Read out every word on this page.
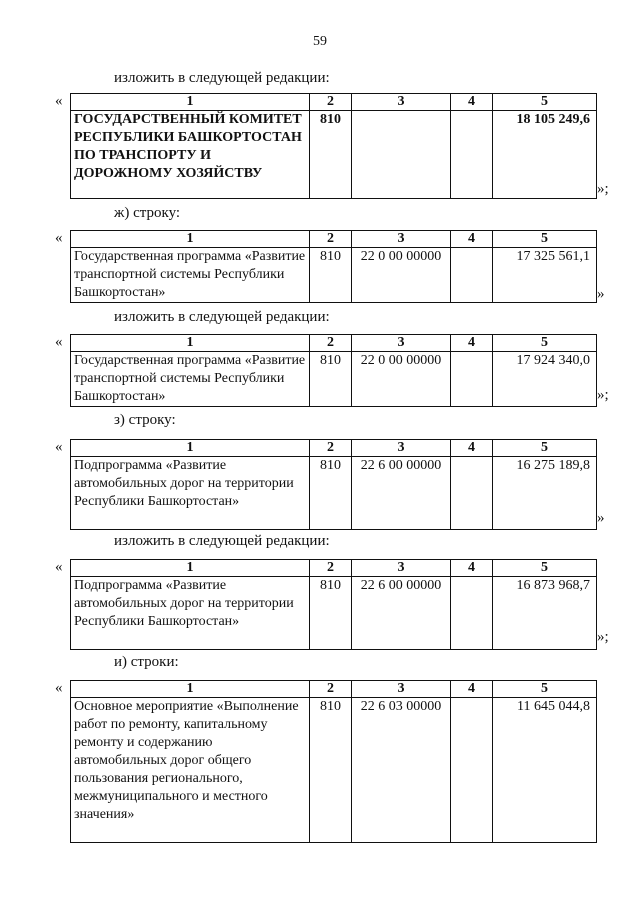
59
изложить в следующей редакции:
«	1	2	3	4	5
ГОСУДАРСТВЕННЫЙ КОМИТЕТ РЕСПУБЛИКИ БАШКОРТОСТАН ПО ТРАНСПОРТУ И ДОРОЖНОМУ ХОЗЯЙСТВУ	810			18 105 249,6
»;
ж) строку:
«	1	2	3	4	5
Государственная программа «Развитие транспортной системы Республики Башкортостан»	810	22 0 00 00000		17 325 561,1
»
изложить в следующей редакции:
«	1	2	3	4	5
Государственная программа «Развитие транспортной системы Республики Башкортостан»	810	22 0 00 00000		17 924 340,0
»;
з) строку:
«	1	2	3	4	5
Подпрограмма «Развитие автомобильных дорог на территории Республики Башкортостан»	810	22 6 00 00000		16 275 189,8
»
изложить в следующей редакции:
«	1	2	3	4	5
Подпрограмма «Развитие автомобильных дорог на территории Республики Башкортостан»	810	22 6 00 00000		16 873 968,7
»;
и) строки:
«	1	2	3	4	5
Основное мероприятие «Выполнение работ по ремонту, капитальному ремонту и содержанию автомобильных дорог общего пользования регионального, межмуниципального и местного значения»	810	22 6 03 00000		11 645 044,8
